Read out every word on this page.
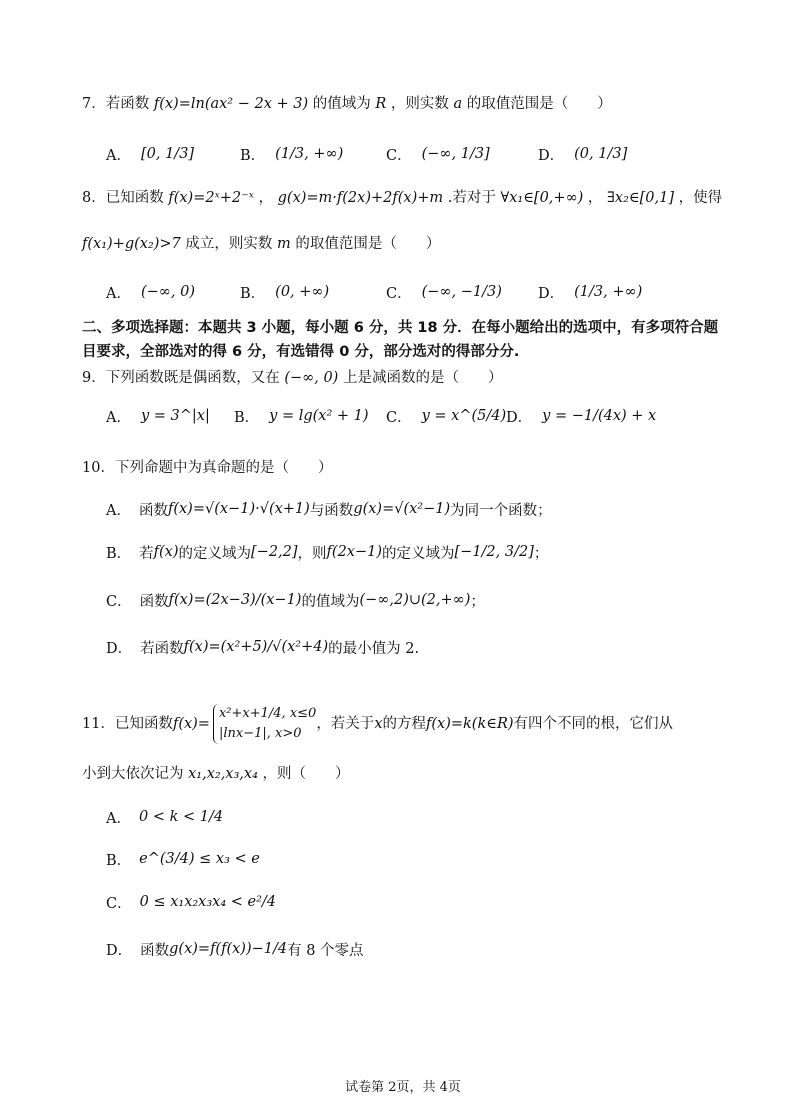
7．若函数 f(x)=ln(ax² − 2x + 3) 的值域为 R ，则实数 a 的取值范围是（　　）
A． [0, 1/3]	B． (1/3, +∞)	C． (−∞, 1/3]	D． (0, 1/3]
8．已知函数 f(x)=2ˣ+2⁻ˣ ， g(x)=m·f(2x)+2f(x)+m .若对于 ∀x₁∈[0,+∞) ， ∃x₂∈[0,1] ，使得
f(x₁)+g(x₂)>7 成立，则实数 m 的取值范围是（　　）
A． (−∞, 0)	B． (0, +∞)	C． (−∞, −1/3) D． (1/3, +∞)
二、多项选择题：本题共 3 小题，每小题 6 分，共 18 分．在每小题给出的选项中，有多项符合题目要求，全部选对的得 6 分，有选错得 0 分，部分选对的得部分分.
9．下列函数既是偶函数，又在 (−∞, 0) 上是减函数的是（　　）
A． y = 3^|x| B． y = lg(x² + 1) C． y = x^(5/4) D． y = −1/(4x) + x
10．下列命题中为真命题的是（　　）
A． 函数 f(x)=√(x−1)·√(x+1) 与函数 g(x)=√(x²−1) 为同一个函数；
B． 若 f(x) 的定义域为 [−2,2] ，则 f(2x−1) 的定义域为 [−1/2, 3/2] ；
C． 函数 f(x)=(2x−3)/(x−1) 的值域为 (−∞,2)∪(2,+∞) ；
D． 若函数 f(x)=(x²+5)/√(x²+4) 的最小值为 2.
11．已知函数 f(x)=
x²+x+1/4, x≤0
|lnx−1|, x>0
，若关于 x 的方程 f(x)=k(k∈R) 有四个不同的根，它们从
小到大依次记为 x₁,x₂,x₃,x₄ ，则（　　）
A． 0 < k < 1/4
B． e^(3/4) ≤ x₃ < e
C． 0 ≤ x₁x₂x₃x₄ < e²/4
D． 函数 g(x)=f(f(x))−1/4 有 8 个零点
试卷第 2页，共 4页
